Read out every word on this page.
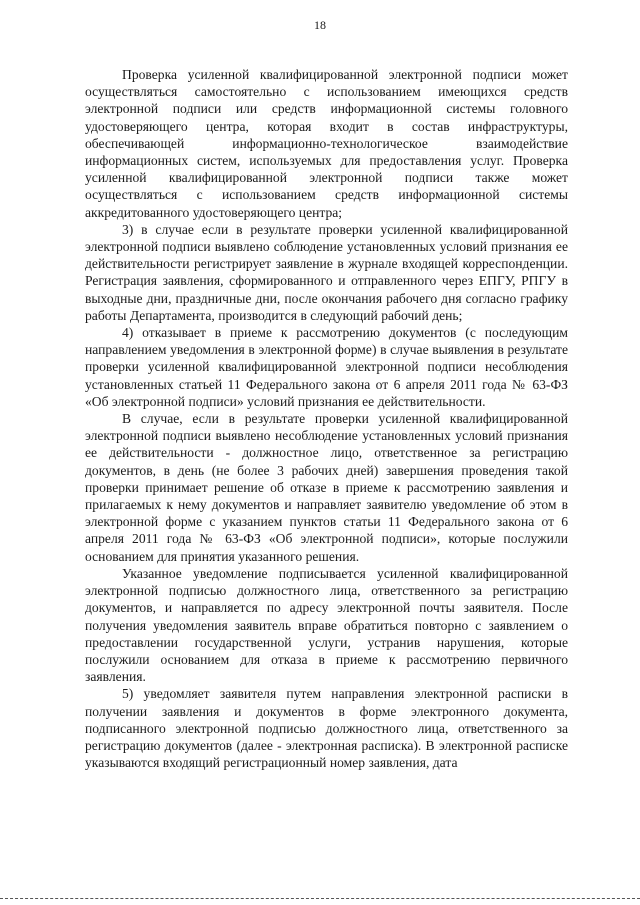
18

Проверка усиленной квалифицированной электронной подписи может осуществляться самостоятельно с использованием имеющихся средств электронной подписи или средств информационной системы головного удостоверяющего центра, которая входит в состав инфраструктуры, обеспечивающей информационно-технологическое взаимодействие информационных систем, используемых для предоставления услуг. Проверка усиленной квалифицированной электронной подписи также может осуществляться с использованием средств информационной системы аккредитованного удостоверяющего центра;

3) в случае если в результате проверки усиленной квалифицированной электронной подписи выявлено соблюдение установленных условий признания ее действительности регистрирует заявление в журнале входящей корреспонденции. Регистрация заявления, сформированного и отправленного через ЕПГУ, РПГУ в выходные дни, праздничные дни, после окончания рабочего дня согласно графику работы Департамента, производится в следующий рабочий день;

4) отказывает в приеме к рассмотрению документов (с последующим направлением уведомления в электронной форме) в случае выявления в результате проверки усиленной квалифицированной электронной подписи несоблюдения установленных статьей 11 Федерального закона от 6 апреля 2011 года № 63-ФЗ «Об электронной подписи» условий признания ее действительности.

В случае, если в результате проверки усиленной квалифицированной электронной подписи выявлено несоблюдение установленных условий признания ее действительности - должностное лицо, ответственное за регистрацию документов, в день (не более 3 рабочих дней) завершения проведения такой проверки принимает решение об отказе в приеме к рассмотрению заявления и прилагаемых к нему документов и направляет заявителю уведомление об этом в электронной форме с указанием пунктов статьи 11 Федерального закона от 6 апреля 2011 года № 63-ФЗ «Об электронной подписи», которые послужили основанием для принятия указанного решения.

Указанное уведомление подписывается усиленной квалифицированной электронной подписью должностного лица, ответственного за регистрацию документов, и направляется по адресу электронной почты заявителя. После получения уведомления заявитель вправе обратиться повторно с заявлением о предоставлении государственной услуги, устранив нарушения, которые послужили основанием для отказа в приеме к рассмотрению первичного заявления.

5) уведомляет заявителя путем направления электронной расписки в получении заявления и документов в форме электронного документа, подписанного электронной подписью должностного лица, ответственного за регистрацию документов (далее - электронная расписка). В электронной расписке указываются входящий регистрационный номер заявления, дата
